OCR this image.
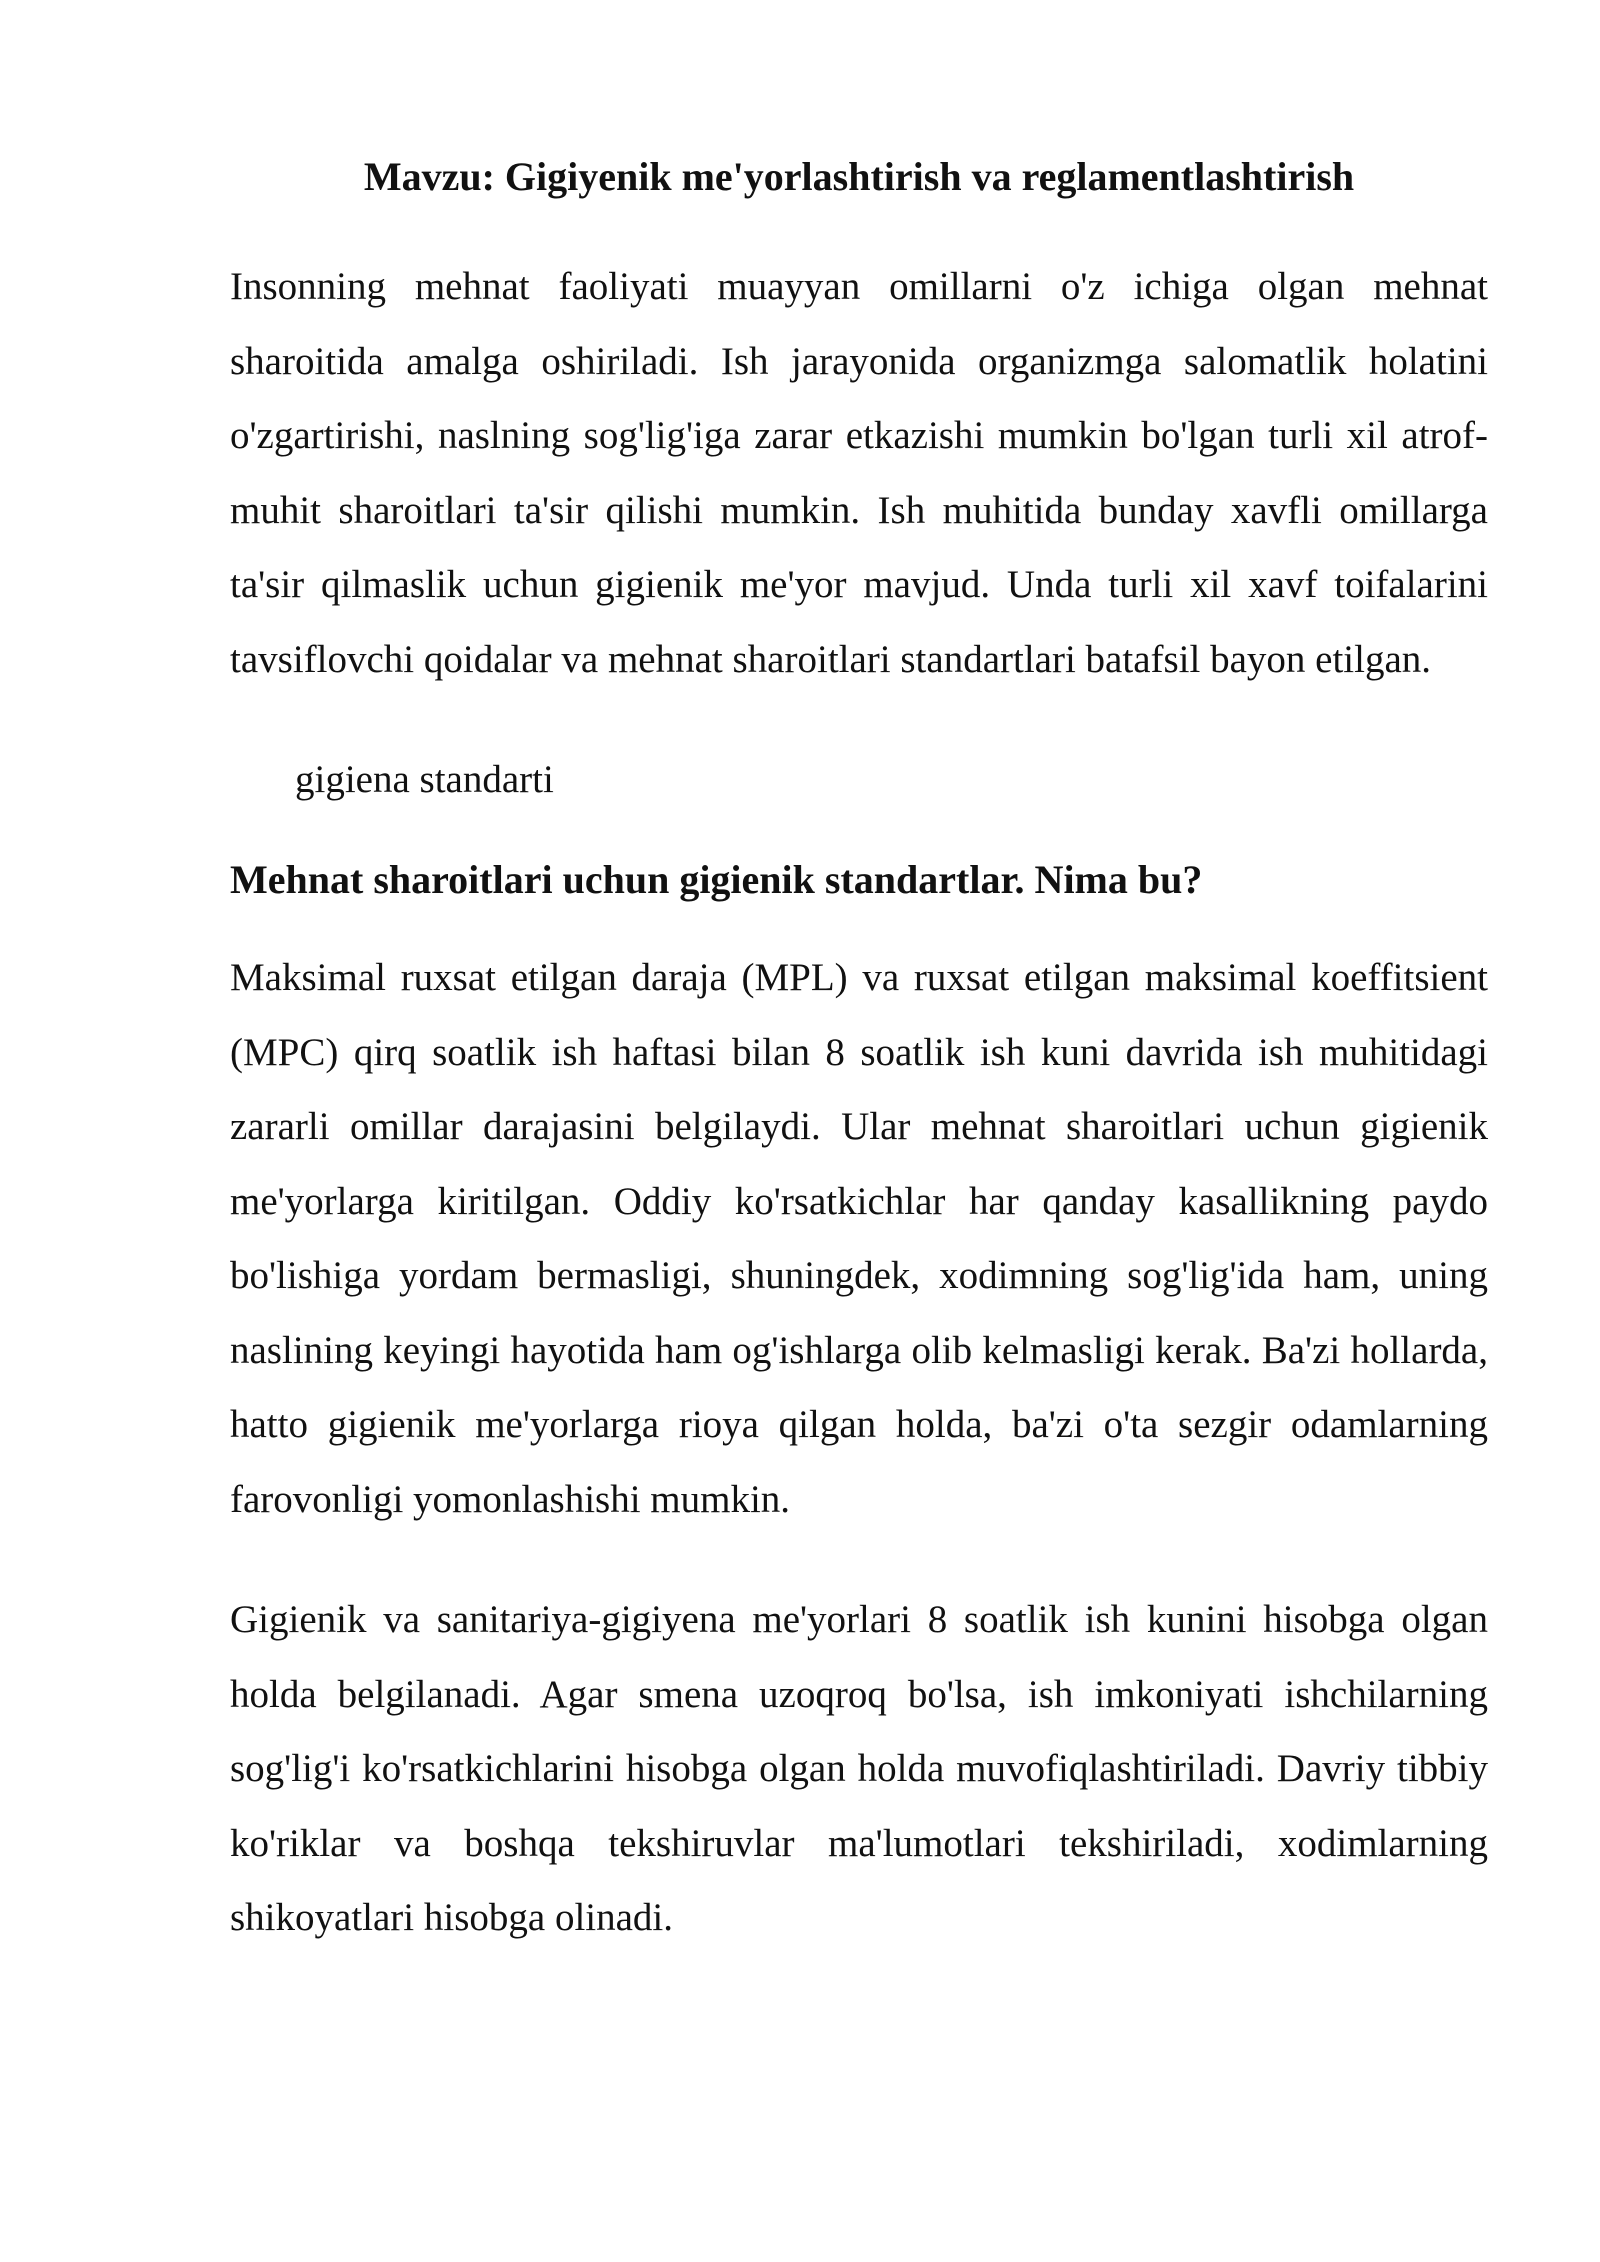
Mavzu: Gigiyenik me'yorlashtirish va reglamentlashtirish

Insonning mehnat faoliyati muayyan omillarni o'z ichiga olgan mehnat sharoitida amalga oshiriladi. Ish jarayonida organizmga salomatlik holatini o'zgartirishi, naslning sog'lig'iga zarar etkazishi mumkin bo'lgan turli xil atrof-muhit sharoitlari ta'sir qilishi mumkin. Ish muhitida bunday xavfli omillarga ta'sir qilmaslik uchun gigienik me'yor mavjud. Unda turli xil xavf toifalarini tavsiflovchi qoidalar va mehnat sharoitlari standartlari batafsil bayon etilgan.

gigiena standarti

Mehnat sharoitlari uchun gigienik standartlar. Nima bu?

Maksimal ruxsat etilgan daraja (MPL) va ruxsat etilgan maksimal koeffitsient (MPC) qirq soatlik ish haftasi bilan 8 soatlik ish kuni davrida ish muhitidagi zararli omillar darajasini belgilaydi. Ular mehnat sharoitlari uchun gigienik me'yorlarga kiritilgan. Oddiy ko'rsatkichlar har qanday kasallikning paydo bo'lishiga yordam bermasligi, shuningdek, xodimning sog'lig'ida ham, uning naslining keyingi hayotida ham og'ishlarga olib kelmasligi kerak. Ba'zi hollarda, hatto gigienik me'yorlarga rioya qilgan holda, ba'zi o'ta sezgir odamlarning farovonligi yomonlashishi mumkin.

Gigienik va sanitariya-gigiyena me'yorlari 8 soatlik ish kunini hisobga olgan holda belgilanadi. Agar smena uzoqroq bo'lsa, ish imkoniyati ishchilarning sog'lig'i ko'rsatkichlarini hisobga olgan holda muvofiqlashtiriladi. Davriy tibbiy ko'riklar va boshqa tekshiruvlar ma'lumotlari tekshiriladi, xodimlarning shikoyatlari hisobga olinadi.
